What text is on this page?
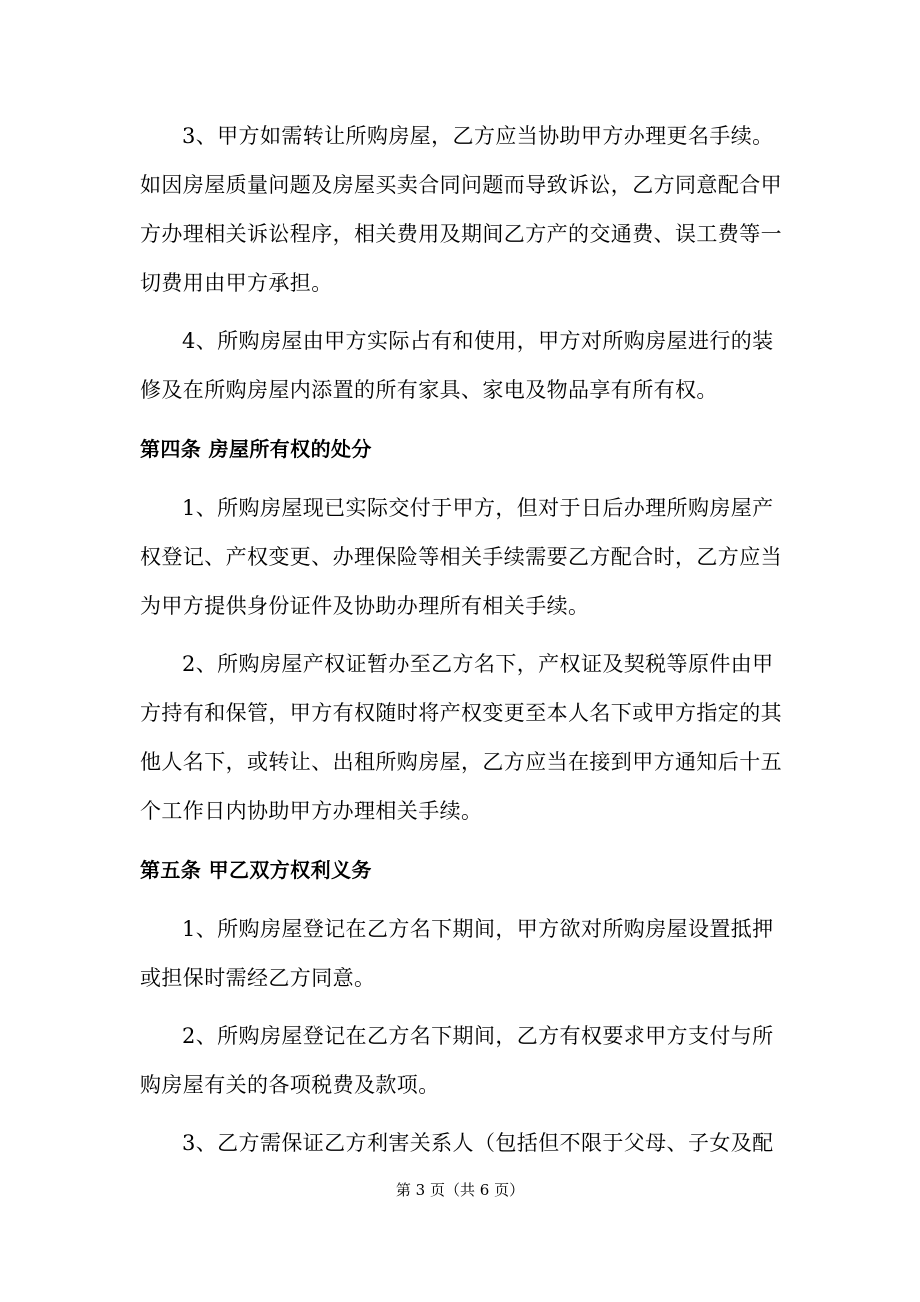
3、甲方如需转让所购房屋，乙方应当协助甲方办理更名手续。
如因房屋质量问题及房屋买卖合同问题而导致诉讼，乙方同意配合甲
方办理相关诉讼程序，相关费用及期间乙方产的交通费、误工费等一
切费用由甲方承担。
4、所购房屋由甲方实际占有和使用，甲方对所购房屋进行的装
修及在所购房屋内添置的所有家具、家电及物品享有所有权。
第四条 房屋所有权的处分
1、所购房屋现已实际交付于甲方，但对于日后办理所购房屋产
权登记、产权变更、办理保险等相关手续需要乙方配合时，乙方应当
为甲方提供身份证件及协助办理所有相关手续。
2、所购房屋产权证暂办至乙方名下，产权证及契税等原件由甲
方持有和保管，甲方有权随时将产权变更至本人名下或甲方指定的其
他人名下，或转让、出租所购房屋，乙方应当在接到甲方通知后十五
个工作日内协助甲方办理相关手续。
第五条 甲乙双方权利义务
1、所购房屋登记在乙方名下期间，甲方欲对所购房屋设置抵押
或担保时需经乙方同意。
2、所购房屋登记在乙方名下期间，乙方有权要求甲方支付与所
购房屋有关的各项税费及款项。
3、乙方需保证乙方利害关系人（包括但不限于父母、子女及配
第 3 页（共 6 页）
